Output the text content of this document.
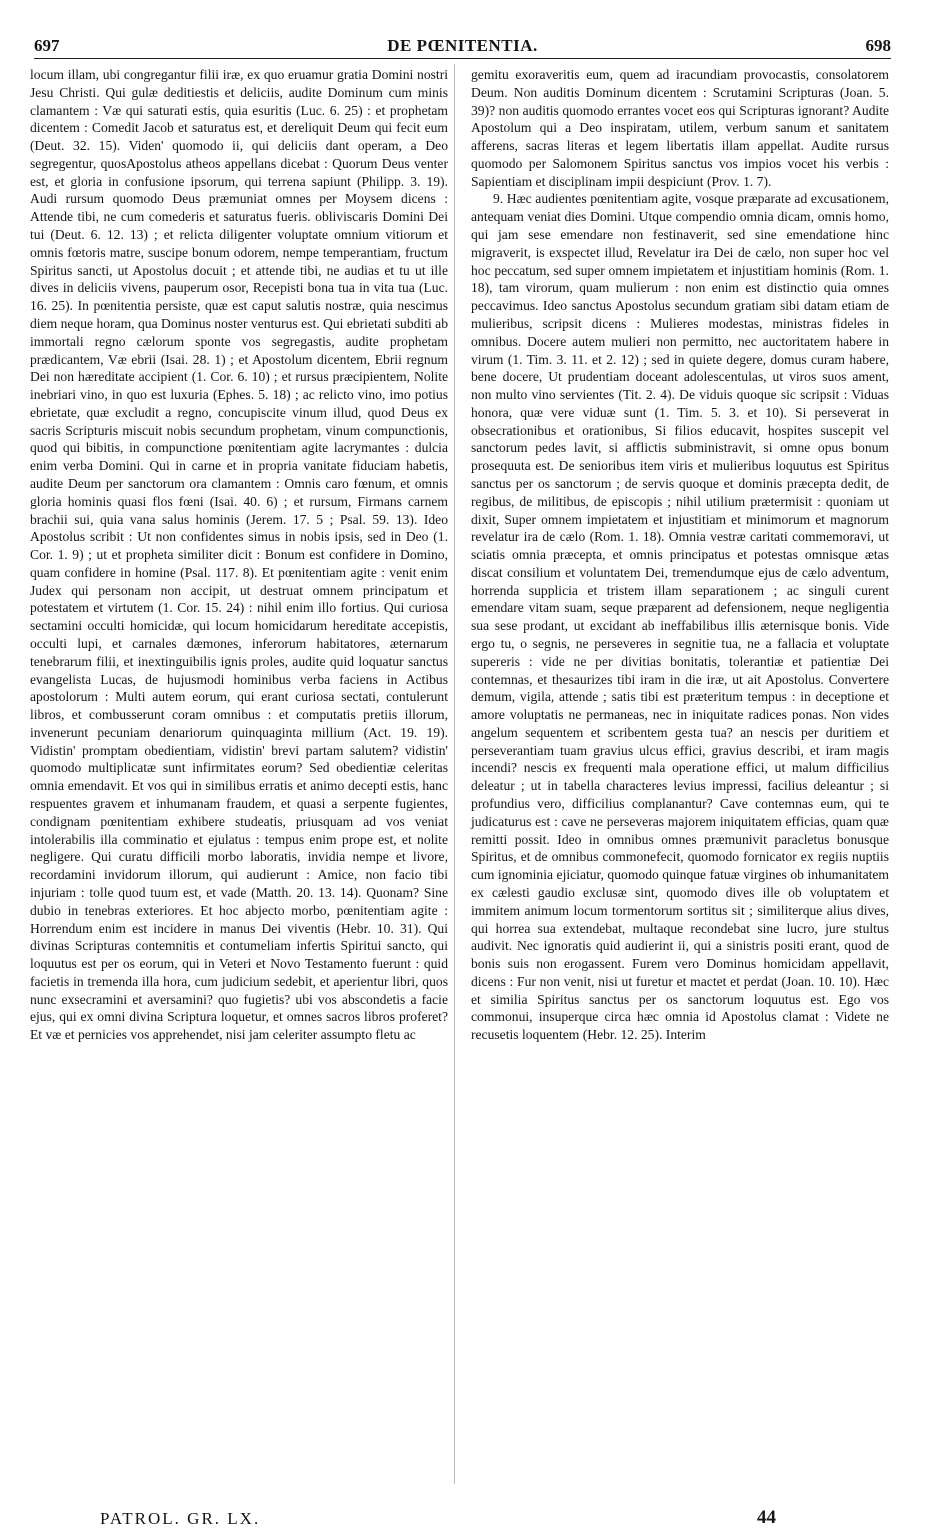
697	DE PŒNITENTIA.	698

locum illam, ubi congregantur filii iræ, ex quo eruamur gratia Domini nostri Jesu Christi. Qui gulæ deditiestis et deliciis, audite Dominum cum minis clamantem : Væ qui saturati estis, quia esuritis (Luc. 6. 25) : et prophetam dicentem : Comedit Jacob et saturatus est, et dereliquit Deum qui fecit eum (Deut. 32. 15). Viden' quomodo ii, qui deliciis dant operam, a Deo segregentur, quosApostolus atheos appellans dicebat : Quorum Deus venter est, et gloria in confusione ipsorum, qui terrena sapiunt (Philipp. 3. 19). Audi rursum quomodo Deus præmuniat omnes per Moysem dicens : Attende tibi, ne cum comederis et saturatus fueris. obliviscaris Domini Dei tui (Deut. 6. 12. 13) ; et relicta diligenter voluptate omnium vitiorum et omnis fœtoris matre, suscipe bonum odorem, nempe temperantiam, fructum Spiritus sancti, ut Apostolus docuit ; et attende tibi, ne audias et tu ut ille dives in deliciis vivens, pauperum osor, Recepisti bona tua in vita tua (Luc. 16. 25). In pœnitentia persiste, quæ est caput salutis nostræ, quia nescimus diem neque horam, qua Dominus noster venturus est. Qui ebrietati subditi ab immortali regno cælorum sponte vos segregastis, audite prophetam prædicantem, Væ ebrii (Isai. 28. 1) ; et Apostolum dicentem, Ebrii regnum Dei non hæreditate accipient (1. Cor. 6. 10) ; et rursus præcipientem, Nolite inebriari vino, in quo est luxuria (Ephes. 5. 18) ; ac relicto vino, imo potius ebrietate, quæ excludit a regno, concupiscite vinum illud, quod Deus ex sacris Scripturis miscuit nobis secundum prophetam, vinum compunctionis, quod qui bibitis, in compunctione pœnitentiam agite lacrymantes : dulcia enim verba Domini. Qui in carne et in propria vanitate fiduciam habetis, audite Deum per sanctorum ora clamantem : Omnis caro fœnum, et omnis gloria hominis quasi flos fœni (Isai. 40. 6) ; et rursum, Firmans carnem brachii sui, quia vana salus hominis (Jerem. 17. 5 ; Psal. 59. 13). Ideo Apostolus scribit : Ut non confidentes simus in nobis ipsis, sed in Deo (1. Cor. 1. 9) ; ut et propheta similiter dicit : Bonum est confidere in Domino, quam confidere in homine (Psal. 117. 8). Et pœnitentiam agite : venit enim Judex qui personam non accipit, ut destruat omnem principatum et potestatem et virtutem (1. Cor. 15. 24) : nihil enim illo fortius. Qui curiosa sectamini occulti homicidæ, qui locum homicidarum hereditate accepistis, occulti lupi, et carnales dæmones, inferorum habitatores, æternarum tenebrarum filii, et inextinguibilis ignis proles, audite quid loquatur sanctus evangelista Lucas, de hujusmodi hominibus verba faciens in Actibus apostolorum : Multi autem eorum, qui erant curiosa sectati, contulerunt libros, et combusserunt coram omnibus : et computatis pretiis illorum, invenerunt pecuniam denariorum quinquaginta millium (Act. 19. 19). Vidistin' promptam obedientiam, vidistin' brevi partam salutem? vidistin' quomodo multiplicatæ sunt infirmitates eorum? Sed obedientiæ celeritas omnia emendavit. Et vos qui in similibus erratis et animo decepti estis, hanc respuentes gravem et inhumanam fraudem, et quasi a serpente fugientes, condignam pœnitentiam exhibere studeatis, priusquam ad vos veniat intolerabilis illa comminatio et ejulatus : tempus enim prope est, et nolite negligere. Qui curatu difficili morbo laboratis, invidia nempe et livore, recordamini invidorum illorum, qui audierunt : Amice, non facio tibi injuriam : tolle quod tuum est, et vade (Matth. 20. 13. 14). Quonam? Sine dubio in tenebras exteriores. Et hoc abjecto morbo, pœnitentiam agite : Horrendum enim est incidere in manus Dei viventis (Hebr. 10. 31). Qui divinas Scripturas contemnitis et contumeliam infertis Spiritui sancto, qui loquutus est per os eorum, qui in Veteri et Novo Testamento fuerunt : quid facietis in tremenda illa hora, cum judicium sedebit, et aperientur libri, quos nunc exsecramini et aversamini? quo fugietis? ubi vos abscondetis a facie ejus, qui ex omni divina Scriptura loquetur, et omnes sacros libros proferet? Et væ et pernicies vos apprehendet, nisi jam celeriter assumpto fletu ac

gemitu exoraveritis eum, quem ad iracundiam provocastis, consolatorem Deum. Non auditis Dominum dicentem : Scrutamini Scripturas (Joan. 5. 39)? non auditis quomodo errantes vocet eos qui Scripturas ignorant? Audite Apostolum qui a Deo inspiratam, utilem, verbum sanum et sanitatem afferens, sacras literas et legem libertatis illam appellat. Audite rursus quomodo per Salomonem Spiritus sanctus vos impios vocet his verbis : Sapientiam et disciplinam impii despiciunt (Prov. 1. 7).

9. Hæc audientes pœnitentiam agite, vosque præparate ad excusationem, antequam veniat dies Domini. Utque compendio omnia dicam, omnis homo, qui jam sese emendare non festinaverit, sed sine emendatione hinc migraverit, is exspectet illud, Revelatur ira Dei de cælo, non super hoc vel hoc peccatum, sed super omnem impietatem et injustitiam hominis (Rom. 1. 18), tam virorum, quam mulierum : non enim est distinctio quia omnes peccavimus. Ideo sanctus Apostolus secundum gratiam sibi datam etiam de mulieribus, scripsit dicens : Mulieres modestas, ministras fideles in omnibus. Docere autem mulieri non permitto, nec auctoritatem habere in virum (1. Tim. 3. 11. et 2. 12) ; sed in quiete degere, domus curam habere, bene docere, Ut prudentiam doceant adolescentulas, ut viros suos ament, non multo vino servientes (Tit. 2. 4). De viduis quoque sic scripsit : Viduas honora, quæ vere viduæ sunt (1. Tim. 5. 3. et 10). Si perseverat in obsecrationibus et orationibus, Si filios educavit, hospites suscepit vel sanctorum pedes lavit, si afflictis subministravit, si omne opus bonum prosequuta est. De senioribus item viris et mulieribus loquutus est Spiritus sanctus per os sanctorum ; de servis quoque et dominis præcepta dedit, de regibus, de militibus, de episcopis ; nihil utilium prætermisit : quoniam ut dixit, Super omnem impietatem et injustitiam et minimorum et magnorum revelatur ira de cælo (Rom. 1. 18). Omnia vestræ caritati commemoravi, ut sciatis omnia præcepta, et omnis principatus et potestas omnisque ætas discat consilium et voluntatem Dei, tremendumque ejus de cælo adventum, horrenda supplicia et tristem illam separationem ; ac singuli curent emendare vitam suam, seque præparent ad defensionem, neque negligentia sua sese prodant, ut excidant ab ineffabilibus illis æternisque bonis. Vide ergo tu, o segnis, ne perseveres in segnitie tua, ne a fallacia et voluptate supereris : vide ne per divitias bonitatis, tolerantiæ et patientiæ Dei contemnas, et thesaurizes tibi iram in die iræ, ut ait Apostolus. Convertere demum, vigila, attende ; satis tibi est præteritum tempus : in deceptione et amore voluptatis ne permaneas, nec in iniquitate radices ponas. Non vides angelum sequentem et scribentem gesta tua? an nescis per duritiem et perseverantiam tuam gravius ulcus effici, gravius describi, et iram magis incendi? nescis ex frequenti mala operatione effici, ut malum difficilius deleatur ; ut in tabella characteres levius impressi, facilius deleantur ; si profundius vero, difficilius complanantur? Cave contemnas eum, qui te judicaturus est : cave ne perseveras majorem iniquitatem efficias, quam quæ remitti possit. Ideo in omnibus omnes præmunivit paracletus bonusque Spiritus, et de omnibus commonefecit, quomodo fornicator ex regiis nuptiis cum ignominia ejiciatur, quomodo quinque fatuæ virgines ob inhumanitatem ex cælesti gaudio exclusæ sint, quomodo dives ille ob voluptatem et immitem animum locum tormentorum sortitus sit ; similiterque alius dives, qui horrea sua extendebat, multaque recondebat sine lucro, jure stultus audivit. Nec ignoratis quid audierint ii, qui a sinistris positi erant, quod de bonis suis non erogassent. Furem vero Dominus homicidam appellavit, dicens : Fur non venit, nisi ut furetur et mactet et perdat (Joan. 10. 10). Hæc et similia Spiritus sanctus per os sanctorum loquutus est. Ego vos commonui, insuperque circa hæc omnia id Apostolus clamat : Videte ne recusetis loquentem (Hebr. 12. 25). Interim

PATROL. GR. LX.	44
